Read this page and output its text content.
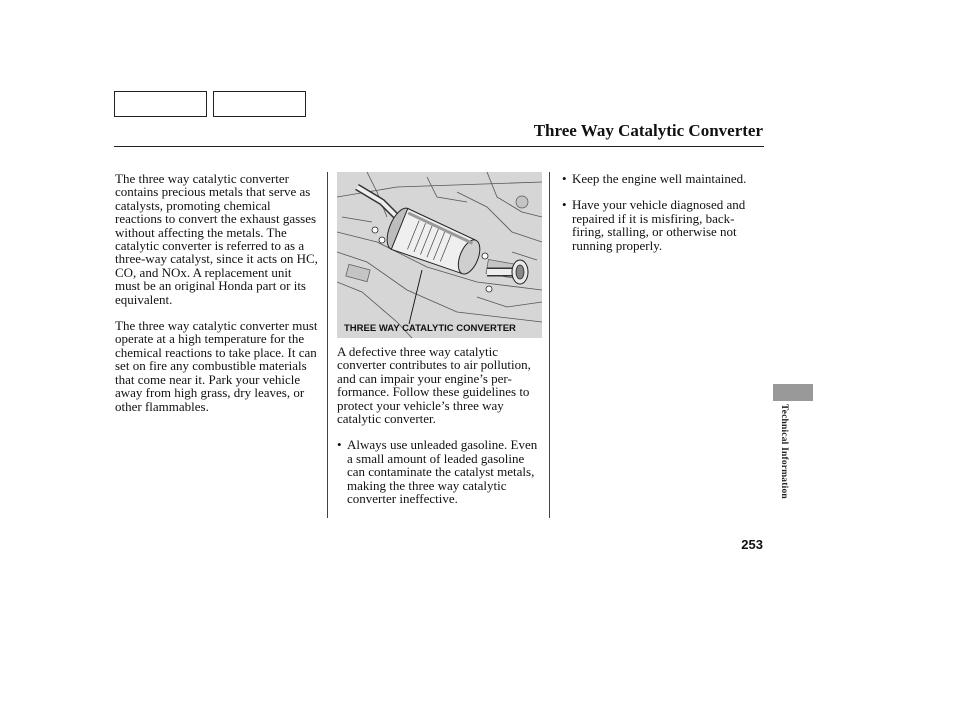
Three Way Catalytic Converter

The three way catalytic converter contains precious metals that serve as catalysts, promoting chemical reactions to convert the exhaust gasses without affecting the metals. The catalytic converter is referred to as a three-way catalyst, since it acts on HC, CO, and NOx. A replacement unit must be an original Honda part or its equivalent.

The three way catalytic converter must operate at a high temperature for the chemical reactions to take place. It can set on fire any combustible materials that come near it. Park your vehicle away from high grass, dry leaves, or other flammables.

THREE WAY CATALYTIC CONVERTER

A defective three way catalytic converter contributes to air pollution, and can impair your engine’s per-formance. Follow these guidelines to protect your vehicle’s three way catalytic converter.

• Always use unleaded gasoline. Even a small amount of leaded gasoline can contaminate the catalyst metals, making the three way catalytic converter ineffective.
• Keep the engine well maintained.
• Have your vehicle diagnosed and repaired if it is misfiring, back-firing, stalling, or otherwise not running properly.
Technical Information
253
